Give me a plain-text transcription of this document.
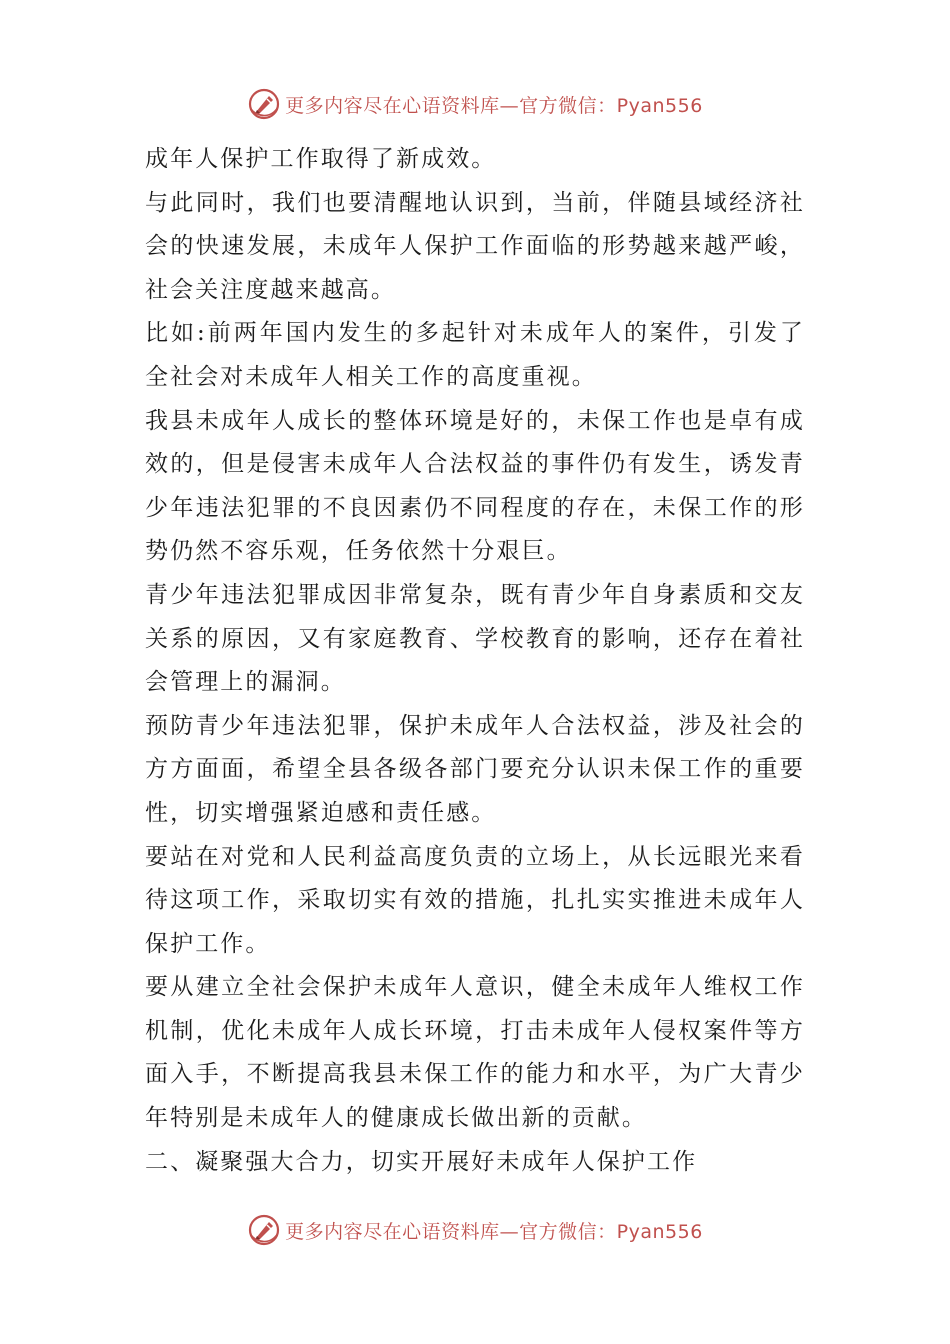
更多内容尽在心语资料库—官方微信：Pyan556

成年人保护工作取得了新成效。

与此同时，我们也要清醒地认识到，当前，伴随县域经济社会的快速发展，未成年人保护工作面临的形势越来越严峻，社会关注度越来越高。

比如:前两年国内发生的多起针对未成年人的案件，引发了全社会对未成年人相关工作的高度重视。

我县未成年人成长的整体环境是好的，未保工作也是卓有成效的，但是侵害未成年人合法权益的事件仍有发生，诱发青少年违法犯罪的不良因素仍不同程度的存在，未保工作的形势仍然不容乐观，任务依然十分艰巨。

青少年违法犯罪成因非常复杂，既有青少年自身素质和交友关系的原因，又有家庭教育、学校教育的影响，还存在着社会管理上的漏洞。

预防青少年违法犯罪，保护未成年人合法权益，涉及社会的方方面面，希望全县各级各部门要充分认识未保工作的重要性，切实增强紧迫感和责任感。

要站在对党和人民利益高度负责的立场上，从长远眼光来看待这项工作，采取切实有效的措施，扎扎实实推进未成年人保护工作。

要从建立全社会保护未成年人意识，健全未成年人维权工作机制，优化未成年人成长环境，打击未成年人侵权案件等方面入手，不断提高我县未保工作的能力和水平，为广大青少年特别是未成年人的健康成长做出新的贡献。

二、凝聚强大合力，切实开展好未成年人保护工作

更多内容尽在心语资料库—官方微信：Pyan556
